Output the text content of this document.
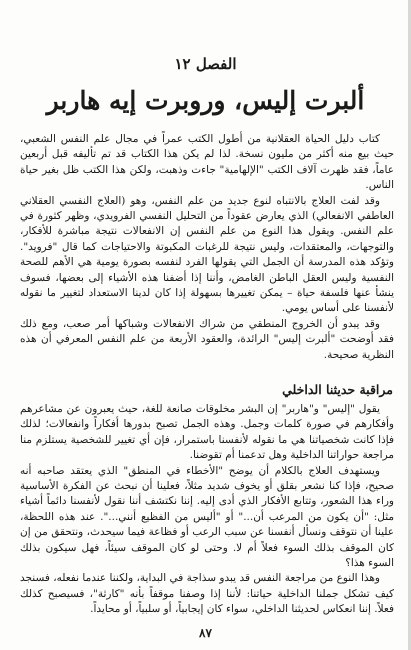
الفصل ١٢
ألبرت إليس، وروبرت إيه هاربر

كتاب دليل الحياة العقلانية من أطول الكتب عمراً في مجال علم النفس الشعبي، حيث بيع منه أكثر من مليون نسخة. لذا لم يكن هذا الكتاب قد تم تأليفه قبل أربعين عاماً، فقد ظهرت آلاف الكتب "الإلهامية" جاءت وذهبت، ولكن هذا الكتب ظل بغير حياة الناس.

وقد لفت العلاج بالانتباه لنوع جديد من علم النفس، وهو (العلاج النفسي العقلاني العاطفي الانفعالي) الذي يعارض عقوداً من التحليل النفسي الفرويدي، وظهر كثورة في علم النفس. ويقول هذا النوع من علم النفس إن الانفعالات نتيجة مباشرة للأفكار، والتوجهات، والمعتقدات، وليس نتيجة للرغبات المكبوتة والاحتياجات كما قال "فرويد". وتؤكد هذه المدرسة أن الجمل التي يقولها الفرد لنفسه بصورة يومية هي الأهم للصحة النفسية وليس العقل الباطن الغامض، وأننا إذا أضفنا هذه الأشياء إلى بعضها، فسوف ينشأ عنها فلسفة حياة – يمكن تغييرها بسهولة إذا كان لدينا الاستعداد لتغيير ما نقوله لأنفسنا على أساس يومي.

وقد يبدو أن الخروج المنطقي من شراك الانفعالات وشباكها أمر صعب، ومع ذلك فقد أوضحت "ألبرت إليس" الرائدة، والعقود الأربعة من علم النفس المعرفي أن هذه النظرية صحيحة.

مراقبة حديثنا الداخلي

يقول "إليس" و"هاربر" إن البشر مخلوقات صانعة للغة، حيث يعبرون عن مشاعرهم وأفكارهم في صورة كلمات وجمل. وهذه الجمل تصبح بدورها أفكاراً وانفعالات؛ لذلك فإذا كانت شخصياتنا هي ما نقوله لأنفسنا باستمرار، فإن أي تغيير للشخصية يستلزم منا مراجعة حواراتنا الداخلية وهل تدعمنا أم تقوضنا.

ويستهدف العلاج بالكلام أن يوضح "الأخطاء في المنطق" الذي يعتقد صاحبه أنه صحيح، فإذا كنا نشعر بقلق أو يخوف شديد مثلاً، فعلينا أن نبحث عن الفكرة الأساسية وراء هذا الشعور، وتتابع الأفكار الذي أدى إليه. إننا نكتشف أننا نقول لأنفسنا دائماً أشياء مثل: "أن يكون من المرعب أن..." أو "أليس من الفظيع أنني...". عند هذه اللحظة، علينا أن نتوقف ونسأل أنفسنا عن سبب الرعب أو فظاعة فيما سيحدث، ونتحقق من إن كان الموقف بذلك السوء فعلاً أم لا. وحتى لو كان الموقف سيئاً، فهل سيكون بذلك السوء هذا؟

وهذا النوع من مراجعة النفس قد يبدو سذاجة في البداية، ولكننا عندما نفعله، فسنجد كيف تشكل جملنا الداخلية حياتنا: لأننا إذا وصفنا موقفاً بأنه "كارثة"، فسيصبح كذلك فعلاً. إننا انعكاس لحديثنا الداخلي، سواء كان إيجابياً، أو سلبياً، أو محايداً.

٨٧
